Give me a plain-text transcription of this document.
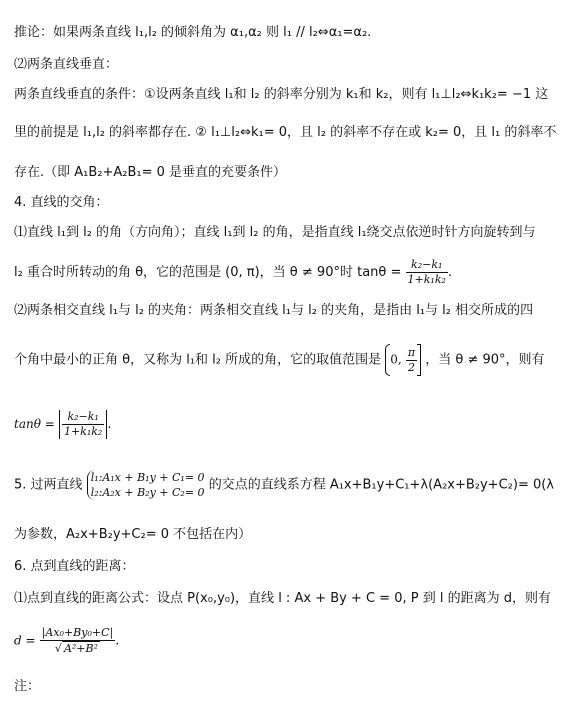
推论：如果两条直线 l₁,l₂ 的倾斜角为 α₁,α₂ 则 l₁ // l₂⇔α₁=α₂.
⑵两条直线垂直：
两条直线垂直的条件：①设两条直线 l₁和 l₂ 的斜率分别为 k₁和 k₂，则有 l₁⊥l₂⇔k₁k₂= −1 这
里的前提是 l₁,l₂ 的斜率都存在. ② l₁⊥l₂⇔k₁= 0，且 l₂ 的斜率不存在或 k₂= 0，且 l₁ 的斜率不
存在.（即 A₁B₂+A₂B₁= 0 是垂直的充要条件）
4. 直线的交角：
⑴直线 l₁到 l₂ 的角（方向角）；直线 l₁到 l₂ 的角，是指直线 l₁绕交点依逆时针方向旋转到与
l₂ 重合时所转动的角 θ，它的范围是 (0, π)，当 θ ≠ 90°时 $\tan\theta = \frac{\text{k₂−k₁}}{\text{1+k₁k₂}}$ .
⑵两条相交直线 l₁与 l₂ 的夹角：两条相交直线 l₁与 l₂ 的夹角，是指由 l₁与 l₂ 相交所成的四
个角中最小的正角 θ，又称为 l₁和 l₂ 所成的角，它的取值范围是 0, $\frac{\pi}{2}$ ，当 θ ≠ 90°，则有
$\tan\theta = \frac{\text{k₂−k₁}}{\text{1+k₁k₂}}$ .
5. 过两直线 l₁:A₁x + B₁y + C₁= 0
l₂:A₂x + B₂y + C₂= 0 的交点的直线系方程 A₁x+B₁y+C₁+λ(A₂x+B₂y+C₂)= 0(λ
为参数，A₂x+B₂y+C₂= 0 不包括在内）
6. 点到直线的距离：
⑴点到直线的距离公式：设点 P(x₀,y₀)，直线 l : Ax + By + C = 0, P 到 l 的距离为 d，则有
$d = \frac{\text{|Ax₀+By₀+C|}}{\text{√ A²+B²}}$ .
注：
